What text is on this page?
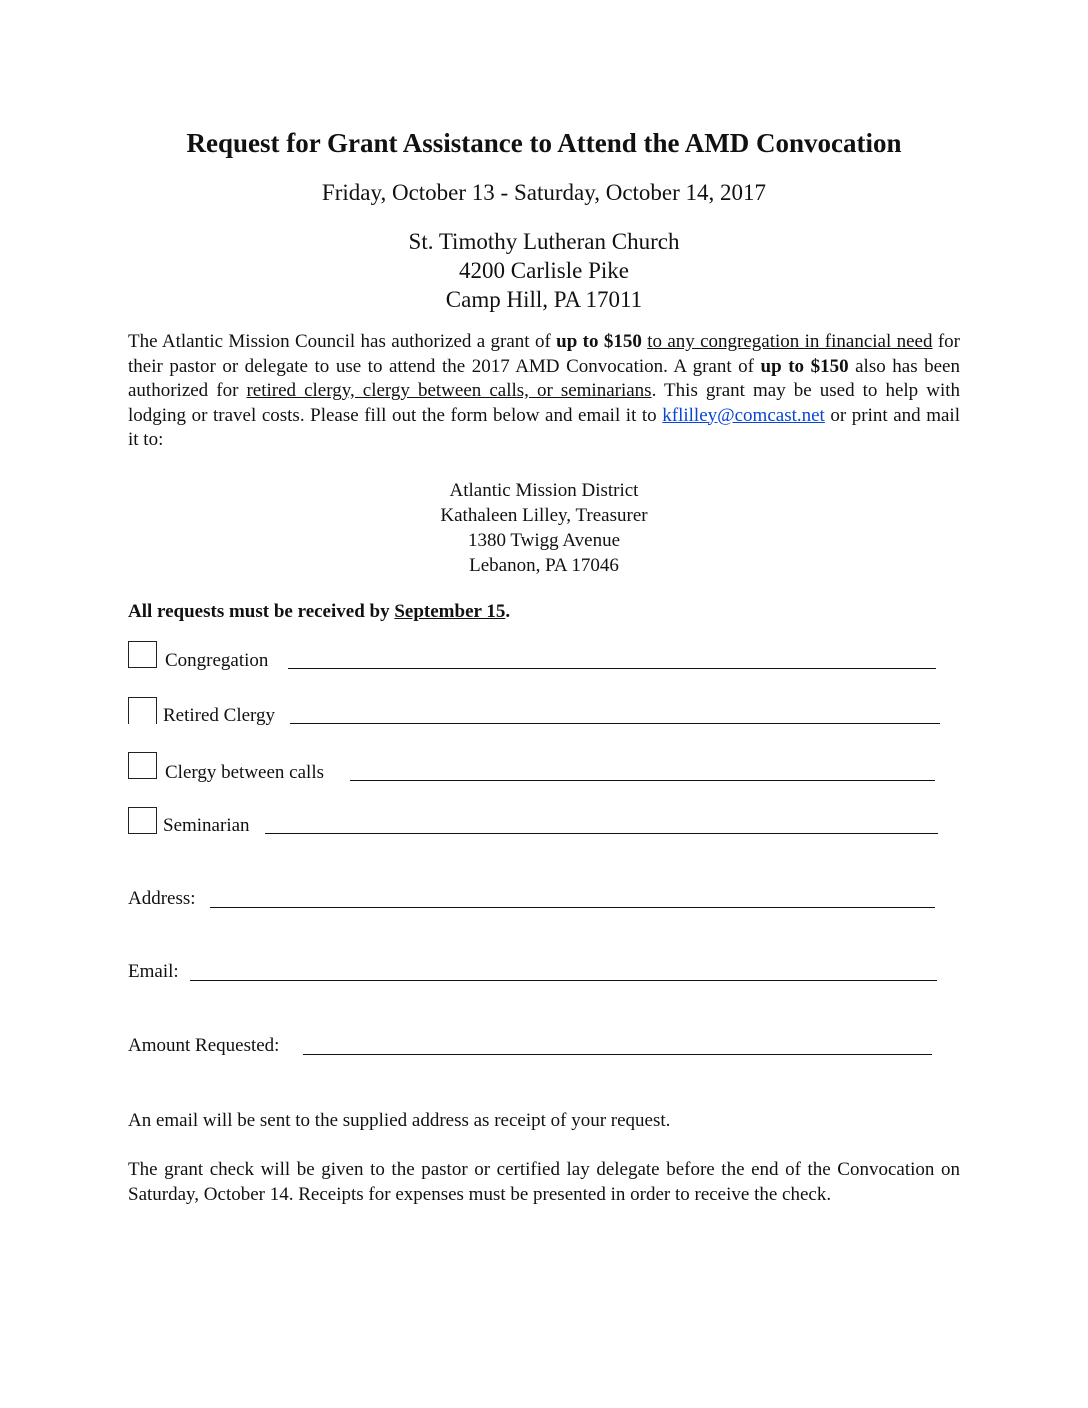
Request for Grant Assistance to Attend the AMD Convocation
Friday, October 13 - Saturday, October 14, 2017
St. Timothy Lutheran Church
4200 Carlisle Pike
Camp Hill, PA 17011
The Atlantic Mission Council has authorized a grant of up to $150 to any congregation in financial need for their pastor or delegate to use to attend the 2017 AMD Convocation. A grant of up to $150 also has been authorized for retired clergy, clergy between calls, or seminarians. This grant may be used to help with lodging or travel costs. Please fill out the form below and email it to kflilley@comcast.net or print and mail it to:
Atlantic Mission District
Kathaleen Lilley, Treasurer
1380 Twigg Avenue
Lebanon, PA 17046
All requests must be received by September 15.
Congregation
Retired Clergy
Clergy between calls
Seminarian
Address:
Email:
Amount Requested:
An email will be sent to the supplied address as receipt of your request.
The grant check will be given to the pastor or certified lay delegate before the end of the Convocation on Saturday, October 14. Receipts for expenses must be presented in order to receive the check.
